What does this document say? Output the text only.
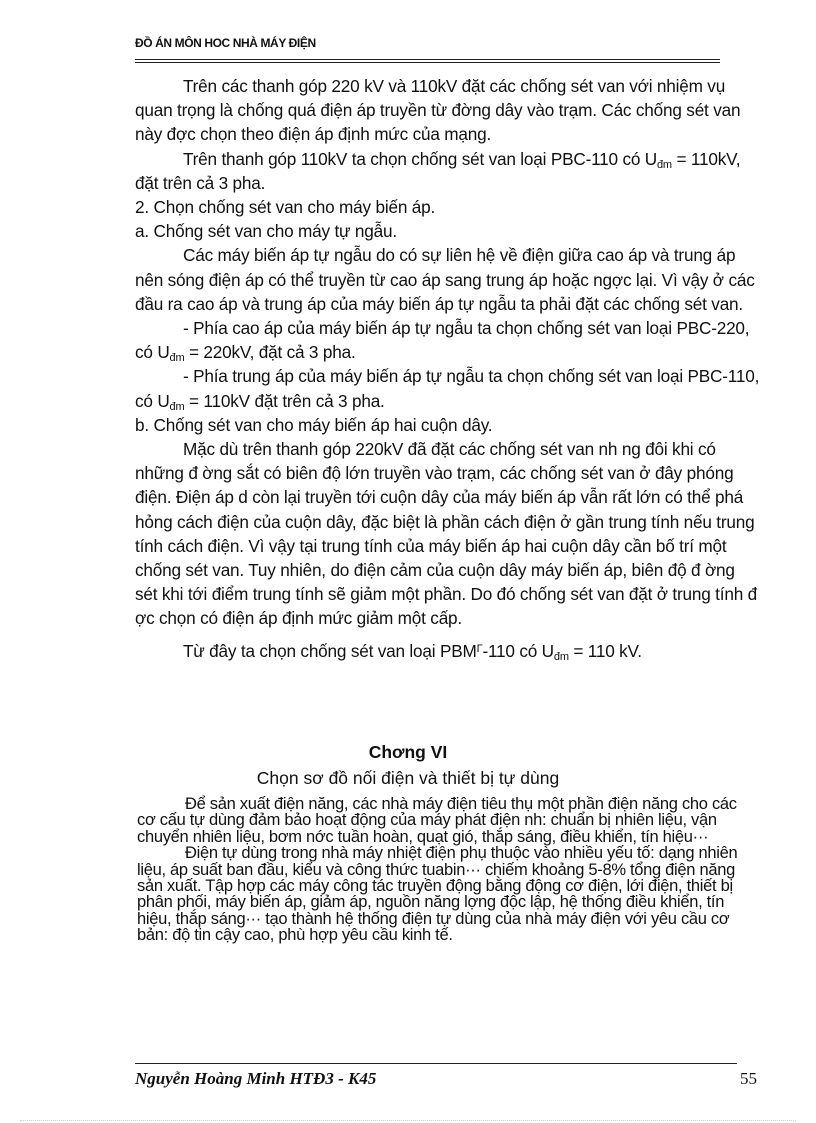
ĐỒ ÁN MÔN HOC NHÀ MÁY ĐIỆN

Trên các thanh góp 220 kV và 110kV đặt các chống sét van với nhiệm vụ quan trọng là chống quá điện áp truyền từ đờng dây vào trạm. Các chống sét van này đợc chọn theo điện áp định mức của mạng.

Trên thanh góp 110kV ta chọn chống sét van loại PBC-110 có $U_{đm} = 110kV$, đặt trên cả 3 pha.

2. Chọn chống sét van cho máy biến áp.

a. Chống sét van cho máy tự ngẫu.

Các máy biến áp tự ngẫu do có sự liên hệ về điện giữa cao áp và trung áp nên sóng điện áp có thể truyền từ cao áp sang trung áp hoặc ngợc lại. Vì vậy ở các đầu ra cao áp và trung áp của máy biến áp tự ngẫu ta phải đặt các chống sét van.

- Phía cao áp của máy biến áp tự ngẫu ta chọn chống sét van loại PBC-220, có $U_{đm} = 220kV$, đặt cả 3 pha.

- Phía trung áp của máy biến áp tự ngẫu ta chọn chống sét van loại PBC-110, có $U_{đm} = 110kV$ đặt trên cả 3 pha.

b. Chống sét van cho máy biến áp hai cuộn dây.

Mặc dù trên thanh góp 220kV đã đặt các chống sét van nh ng đôi khi có những đ ờng sắt có biên độ lớn truyền vào trạm, các chống sét van ở đây phóng điện. Điện áp d còn lại truyền tới cuộn dây của máy biến áp vẫn rất lớn có thể phá hỏng cách điện của cuộn dây, đặc biệt là phần cách điện ở gần trung tính nếu trung tính cách điện. Vì vậy tại trung tính của máy biến áp hai cuộn dây cần bố trí một chống sét van. Tuy nhiên, do điện cảm của cuộn dây máy biến áp, biên độ đ ờng sét khi tới điểm trung tính sẽ giảm một phần. Do đó chống sét van đặt ở trung tính đ ợc chọn có điện áp định mức giảm một cấp.

Từ đây ta chọn chống sét van loại $PBM^\Gamma-110$ có $U_{đm} = 110$ kV.

Chơng VI
Chọn sơ đồ nối điện và thiết bị tự dùng

Để sản xuất điện năng, các nhà máy điện tiêu thụ một phần điện năng cho các cơ cấu tự dùng đảm bảo hoạt động của máy phát điện nh: chuẩn bị nhiên liệu, vận chuyển nhiên liệu, bơm nớc tuần hoàn, quạt gió, thắp sáng, điều khiển, tín hiệu···

Điện tự dùng trong nhà máy nhiệt điện phụ thuộc vào nhiều yếu tố: dạng nhiên liệu, áp suất ban đầu, kiểu và công thức tuabin··· chiếm khoảng 5-8% tổng điện năng sản xuất. Tập hợp các máy công tác truyền động bằng động cơ điện, lới điện, thiết bị phân phối, máy biến áp, giảm áp, nguồn năng lợng độc lập, hệ thống điều khiển, tín hiệu, thắp sáng··· tạo thành hệ thống điện tự dùng của nhà máy điện với yêu cầu cơ bản: độ tin cậy cao, phù hợp yêu cầu kinh tế.

Nguyễn Hoàng Minh HTĐ3 - K45	55
